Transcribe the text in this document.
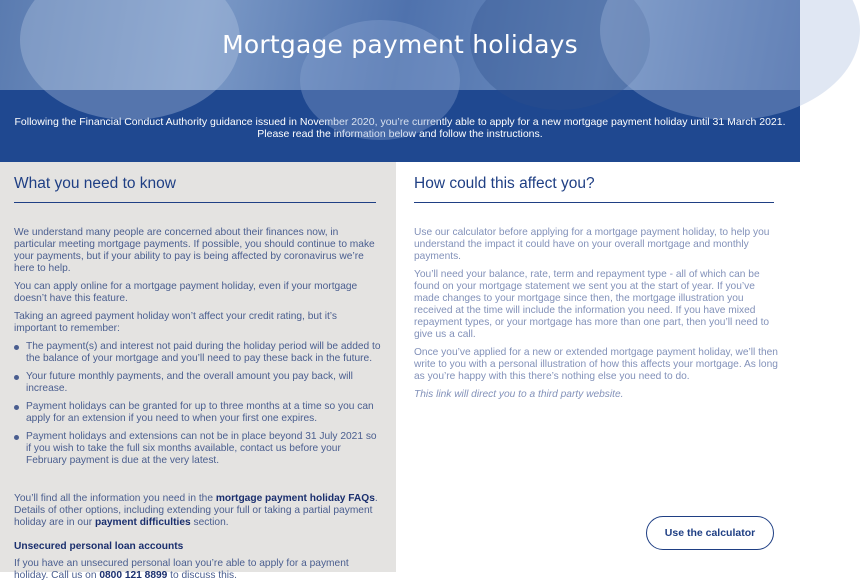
Mortgage payment holidays

Following the Financial Conduct Authority guidance issued in November 2020, you’re currently able to apply for a new mortgage payment holiday until 31 March 2021.

Please read the information below and follow the instructions.

What you need to know

We understand many people are concerned about their finances now, in particular meeting mortgage payments. If possible, you should continue to make your payments, but if your ability to pay is being affected by coronavirus we’re here to help.

You can apply online for a mortgage payment holiday, even if your mortgage doesn’t have this feature.

Taking an agreed payment holiday won’t affect your credit rating, but it’s important to remember:

The payment(s) and interest not paid during the holiday period will be added to the balance of your mortgage and you’ll need to pay these back in the future.
Your future monthly payments, and the overall amount you pay back, will increase.
Payment holidays can be granted for up to three months at a time so you can apply for an extension if you need to when your first one expires.
Payment holidays and extensions can not be in place beyond 31 July 2021 so if you wish to take the full six months available, contact us before your February payment is due at the very latest.

You’ll find all the information you need in the mortgage payment holiday FAQs. Details of other options, including extending your full or taking a partial payment holiday are in our payment difficulties section.

Unsecured personal loan accounts

If you have an unsecured personal loan you’re able to apply for a payment holiday. Call us on 0800 121 8899 to discuss this.

How could this affect you?

Use our calculator before applying for a mortgage payment holiday, to help you understand the impact it could have on your overall mortgage and monthly payments.

You’ll need your balance, rate, term and repayment type - all of which can be found on your mortgage statement we sent you at the start of year. If you’ve made changes to your mortgage since then, the mortgage illustration you received at the time will include the information you need. If you have mixed repayment types, or your mortgage has more than one part, then you’ll need to give us a call.

Once you’ve applied for a new or extended mortgage payment holiday, we’ll then write to you with a personal illustration of how this affects your mortgage. As long as you’re happy with this there’s nothing else you need to do.

This link will direct you to a third party website.

Use the calculator
